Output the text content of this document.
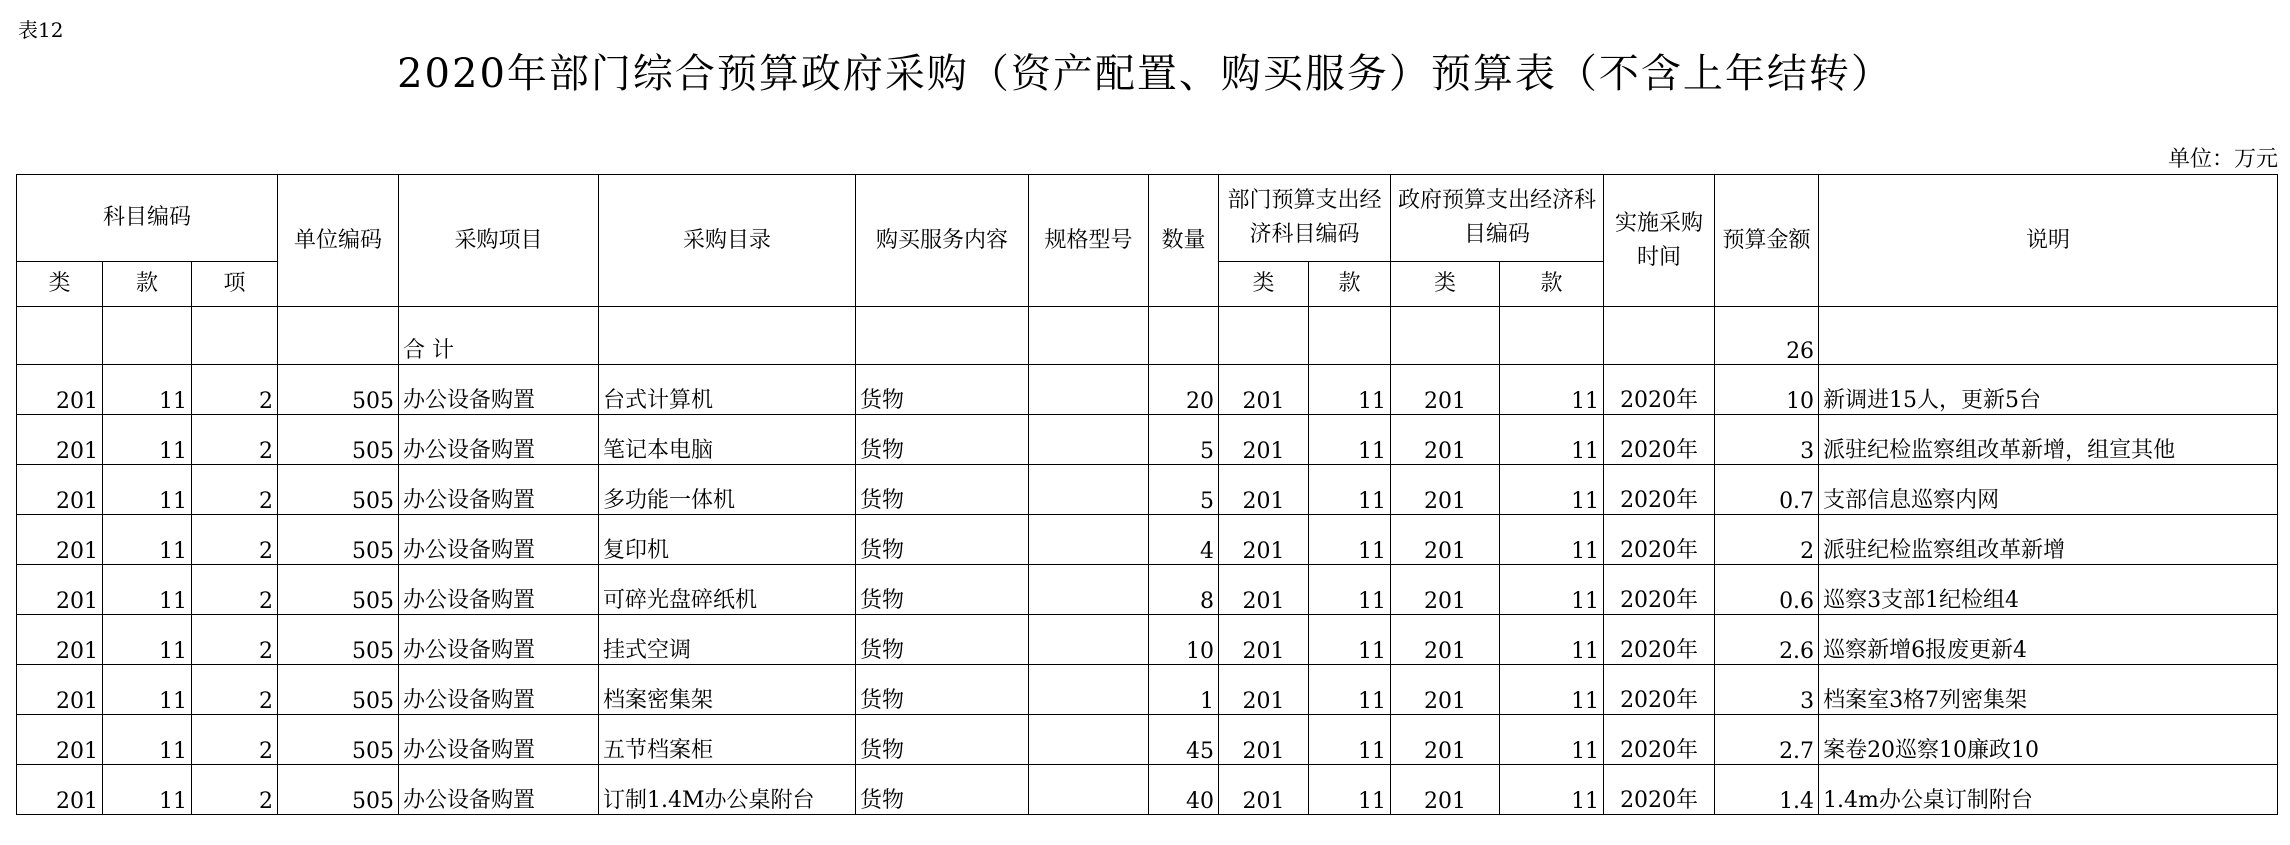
表12
2020年部门综合预算政府采购（资产配置、购买服务）预算表（不含上年结转）
单位：万元
科目编码			单位编码	采购项目	采购目录	购买服务内容	规格型号	数量	部门预算支出经济科目编码		政府预算支出经济科目编码		实施采购时间	预算金额	说明
类	款	项							类	款	类	款			
				合 计										26	
201	11	2	505	办公设备购置	台式计算机	货物		20	201	11	201	11	2020年	10	新调进15人，更新5台
201	11	2	505	办公设备购置	笔记本电脑	货物		5	201	11	201	11	2020年	3	派驻纪检监察组改革新增，组宣其他
201	11	2	505	办公设备购置	多功能一体机	货物		5	201	11	201	11	2020年	0.7	支部信息巡察内网
201	11	2	505	办公设备购置	复印机	货物		4	201	11	201	11	2020年	2	派驻纪检监察组改革新增
201	11	2	505	办公设备购置	可碎光盘碎纸机	货物		8	201	11	201	11	2020年	0.6	巡察3支部1纪检组4
201	11	2	505	办公设备购置	挂式空调	货物		10	201	11	201	11	2020年	2.6	巡察新增6报废更新4
201	11	2	505	办公设备购置	档案密集架	货物		1	201	11	201	11	2020年	3	档案室3格7列密集架
201	11	2	505	办公设备购置	五节档案柜	货物		45	201	11	201	11	2020年	2.7	案卷20巡察10廉政10
201	11	2	505	办公设备购置	订制1.4M办公桌附台	货物		40	201	11	201	11	2020年	1.4	1.4m办公桌订制附台
